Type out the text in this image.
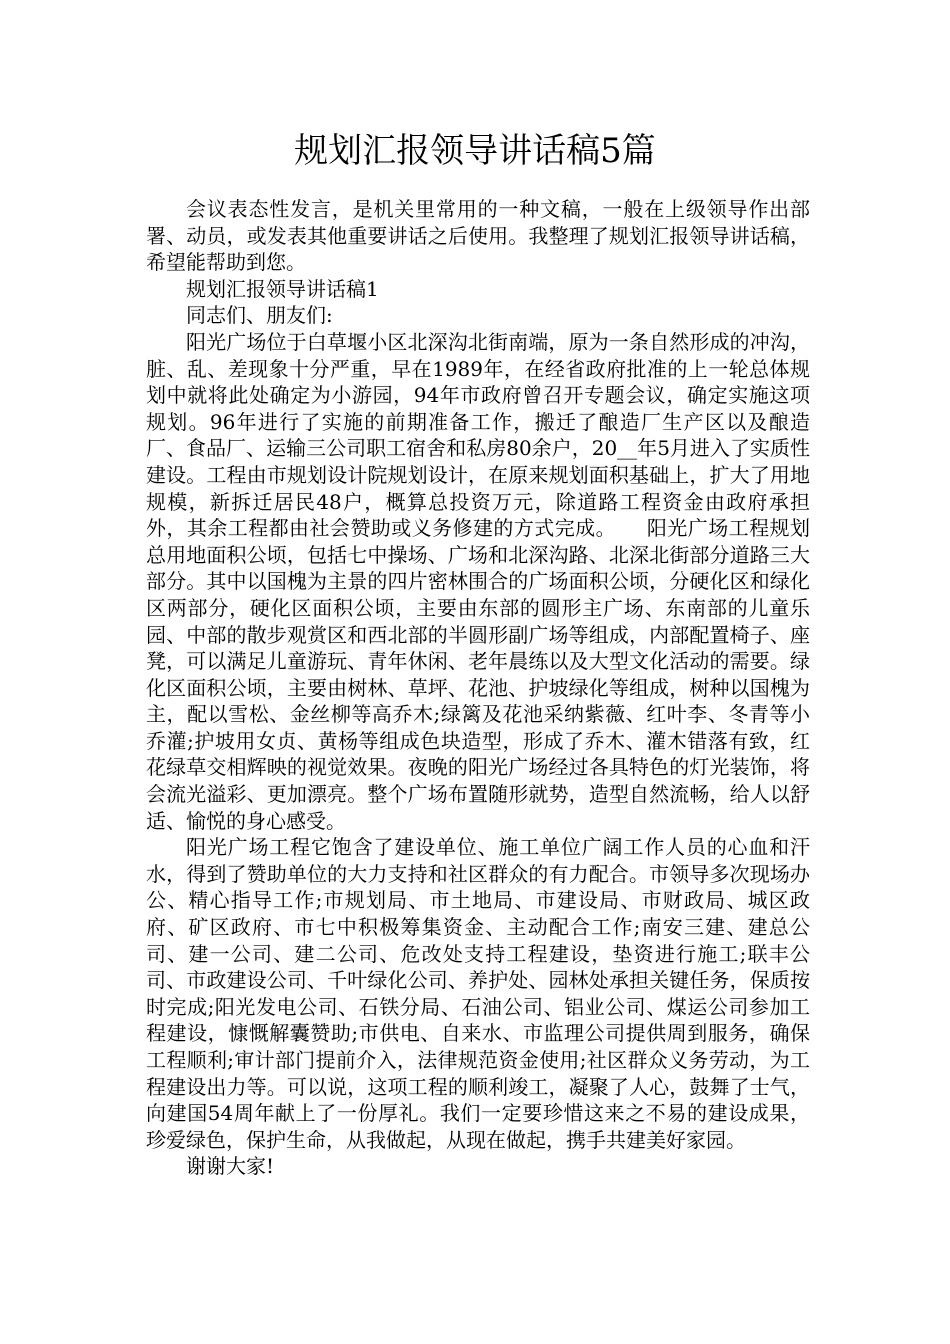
规划汇报领导讲话稿5篇

会议表态性发言，是机关里常用的一种文稿，一般在上级领导作出部署、动员，或发表其他重要讲话之后使用。我整理了规划汇报领导讲话稿，希望能帮助到您。

规划汇报领导讲话稿1

同志们、朋友们:

阳光广场位于白草堰小区北深沟北街南端，原为一条自然形成的冲沟，脏、乱、差现象十分严重，早在1989年，在经省政府批准的上一轮总体规划中就将此处确定为小游园，94年市政府曾召开专题会议，确定实施这项规划。96年进行了实施的前期准备工作，搬迁了酿造厂生产区以及酿造厂、食品厂、运输三公司职工宿舍和私房80余户，20__年5月进入了实质性建设。工程由市规划设计院规划设计，在原来规划面积基础上，扩大了用地规模，新拆迁居民48户，概算总投资万元，除道路工程资金由政府承担外，其余工程都由社会赞助或义务修建的方式完成。　　阳光广场工程规划总用地面积公顷，包括七中操场、广场和北深沟路、北深北街部分道路三大部分。其中以国槐为主景的四片密林围合的广场面积公顷，分硬化区和绿化区两部分，硬化区面积公顷，主要由东部的圆形主广场、东南部的儿童乐园、中部的散步观赏区和西北部的半圆形副广场等组成，内部配置椅子、座凳，可以满足儿童游玩、青年休闲、老年晨练以及大型文化活动的需要。绿化区面积公顷，主要由树林、草坪、花池、护坡绿化等组成，树种以国槐为主，配以雪松、金丝柳等高乔木;绿篱及花池采纳紫薇、红叶李、冬青等小乔灌;护坡用女贞、黄杨等组成色块造型，形成了乔木、灌木错落有致，红花绿草交相辉映的视觉效果。夜晚的阳光广场经过各具特色的灯光装饰，将会流光溢彩、更加漂亮。整个广场布置随形就势，造型自然流畅，给人以舒适、愉悦的身心感受。

阳光广场工程它饱含了建设单位、施工单位广阔工作人员的心血和汗水，得到了赞助单位的大力支持和社区群众的有力配合。市领导多次现场办公、精心指导工作;市规划局、市土地局、市建设局、市财政局、城区政府、矿区政府、市七中积极筹集资金、主动配合工作;南安三建、建总公司、建一公司、建二公司、危改处支持工程建设，垫资进行施工;联丰公司、市政建设公司、千叶绿化公司、养护处、园林处承担关键任务，保质按时完成;阳光发电公司、石铁分局、石油公司、铝业公司、煤运公司参加工程建设，慷慨解囊赞助;市供电、自来水、市监理公司提供周到服务，确保工程顺利;审计部门提前介入，法律规范资金使用;社区群众义务劳动，为工程建设出力等。可以说，这项工程的顺利竣工，凝聚了人心，鼓舞了士气，向建国54周年献上了一份厚礼。我们一定要珍惜这来之不易的建设成果，珍爱绿色，保护生命，从我做起，从现在做起，携手共建美好家园。

谢谢大家!
